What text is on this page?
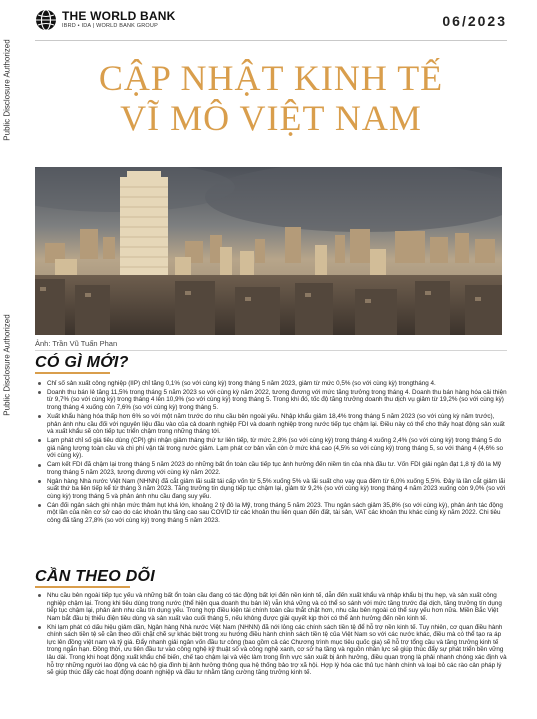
Public Disclosure Authorized
Public Disclosure Authorized
THE WORLD BANK
IBRD • IDA | WORLD BANK GROUP	06/2023
CẬP NHẬT KINH TẾ
VĨ MÔ VIỆT NAM
Ảnh: Trần Vũ Tuấn Phan
CÓ GÌ MỚI?
Chỉ số sản xuất công nghiệp (IIP) chỉ tăng 0,1% (so với cùng kỳ) trong tháng 5 năm 2023, giảm từ mức 0,5% (so với cùng kỳ) trongtháng 4.
Doanh thu bán lẻ tăng 11,5% trong tháng 5 năm 2023 so với cùng kỳ năm 2022, tương đương với mức tăng trưởng trong tháng 4. Doanh thu bán hàng hóa cải thiện từ 9,7% (so với cùng kỳ) trong tháng 4 lên 10,9% (so với cùng kỳ) trong tháng 5. Trong khi đó, tốc độ tăng trưởng doanh thu dịch vụ giảm từ 19,2% (so với cùng kỳ) trong tháng 4 xuống còn 7,6% (so với cùng kỳ) trong tháng 5.
Xuất khẩu hàng hóa thấp hơn 6% so với một năm trước do nhu cầu bên ngoài yếu. Nhập khẩu giảm 18,4% trong tháng 5 năm 2023 (so với cùng kỳ năm trước), phản ánh nhu cầu đối với nguyên liệu đầu vào của cả doanh nghiệp FDI và doanh nghiệp trong nước tiếp tục chậm lại. Điều này có thể cho thấy hoạt động sản xuất và xuất khẩu sẽ còn tiếp tục triển chậm trong những tháng tới.
Lạm phát chỉ số giá tiêu dùng (CPI) ghi nhận giảm tháng thứ tư liên tiếp, từ mức 2,8% (so với cùng kỳ) trong tháng 4 xuống 2,4% (so với cùng kỳ) trong tháng 5 do giá năng lượng toàn cầu và chi phí vận tải trong nước giảm. Lạm phát cơ bản vẫn còn ở mức khá cao (4,5% so với cùng kỳ) trong tháng 5, so với tháng 4 (4,6% so với cùng kỳ).
Cam kết FDI đã chậm lại trong tháng 5 năm 2023 do những bất ổn toàn cầu tiếp tục ảnh hưởng đến niềm tin của nhà đầu tư. Vốn FDI giải ngân đạt 1,8 tỷ đô la Mỹ trong tháng 5 năm 2023, tương đương với cùng kỳ năm 2022.
Ngân hàng Nhà nước Việt Nam (NHNN) đã cắt giảm lãi suất tái cấp vốn từ 5,5% xuống 5% và lãi suất cho vay qua đêm từ 6,0% xuống 5,5%. Đây là lần cắt giảm lãi suất thứ ba liên tiếp kể từ tháng 3 năm 2023. Tăng trưởng tín dụng tiếp tục chậm lại, giảm từ 9,2% (so với cùng kỳ) trong tháng 4 năm 2023 xuống còn 9,0% (so với cùng kỳ) trong tháng 5 và phản ánh nhu cầu đang suy yếu.
Cán đối ngân sách ghi nhận mức thâm hụt khá lớn, khoảng 2 tỷ đô la Mỹ, trong tháng 5 năm 2023. Thu ngân sách giảm 35,8% (so với cùng kỳ), phản ánh tác động một lần của nền cơ sở cao do các khoản thu tăng cao sau COVID từ các khoản thu liên quan đến đất, tài sản, VAT các khoản thu khác cùng kỳ năm 2022. Chi tiêu công đã tăng 27,8% (so với cùng kỳ) trong tháng 5 năm 2023.
CẦN THEO DÕI
Nhu cầu bên ngoài tiếp tục yếu và những bất ổn toàn cầu đang có tác động bất lợi đến nền kinh tế, dẫn đến xuất khẩu và nhập khẩu bị thu hẹp, và sản xuất công nghiệp chậm lại. Trong khi tiêu dùng trong nước (thể hiện qua doanh thu bán lẻ) vẫn khá vững và có thể so sánh với mức tăng trước đại dịch, tăng trưởng tín dụng tiếp tục chậm lại, phản ánh nhu cầu tín dụng yếu. Trong hợp điều kiện tài chính toàn cầu thắt chặt hơn, nhu cầu bên ngoài có thể suy yếu hơn nữa. Miền Bắc Việt Nam bắt đầu bị thiếu điện tiêu dùng và sản xuất vào cuối tháng 5, nếu không được giải quyết kịp thời có thể ảnh hưởng đến nền kinh tế.
Khi lạm phát có dấu hiệu giảm dần, Ngân hàng Nhà nước Việt Nam (NHNN) đã nới lỏng các chính sách tiền tệ để hỗ trợ nền kinh tế. Tuy nhiên, cơ quan điều hành chính sách tiền tệ sẽ cần theo dõi chặt chẽ sự khác biệt trong xu hướng điều hành chính sách tiền tệ của Việt Nam so với các nước khác, điều mà có thể tạo ra áp lực lên đồng việt nam và tỷ giá. Đẩy nhanh giải ngân vốn đầu tư công (bao gồm cả các Chương trình mục tiêu quốc gia) sẽ hỗ trợ tổng cầu và tăng trưởng kinh tế trong ngắn hạn. Đồng thời, ưu tiên đầu tư vào công nghệ kỹ thuật số và công nghệ xanh, cơ sở hạ tầng và nguồn nhân lực sẽ giúp thúc đẩy sự phát triển bền vững lâu dài. Trong khi hoạt động xuất khẩu chế biến, chế tạo chậm lại và việc làm trong lĩnh vực sản xuất bị ảnh hưởng, điều quan trọng là phải nhanh chóng xác định và hỗ trợ những người lao động và các hộ gia đình bị ảnh hưởng thông qua hệ thống bảo trợ xã hội. Hợp lý hóa các thủ tục hành chính và loại bỏ các rào cản pháp lý sẽ giúp thúc đẩy các hoạt động doanh nghiệp và đầu tư nhằm tăng cường tăng trưởng kinh tế.
